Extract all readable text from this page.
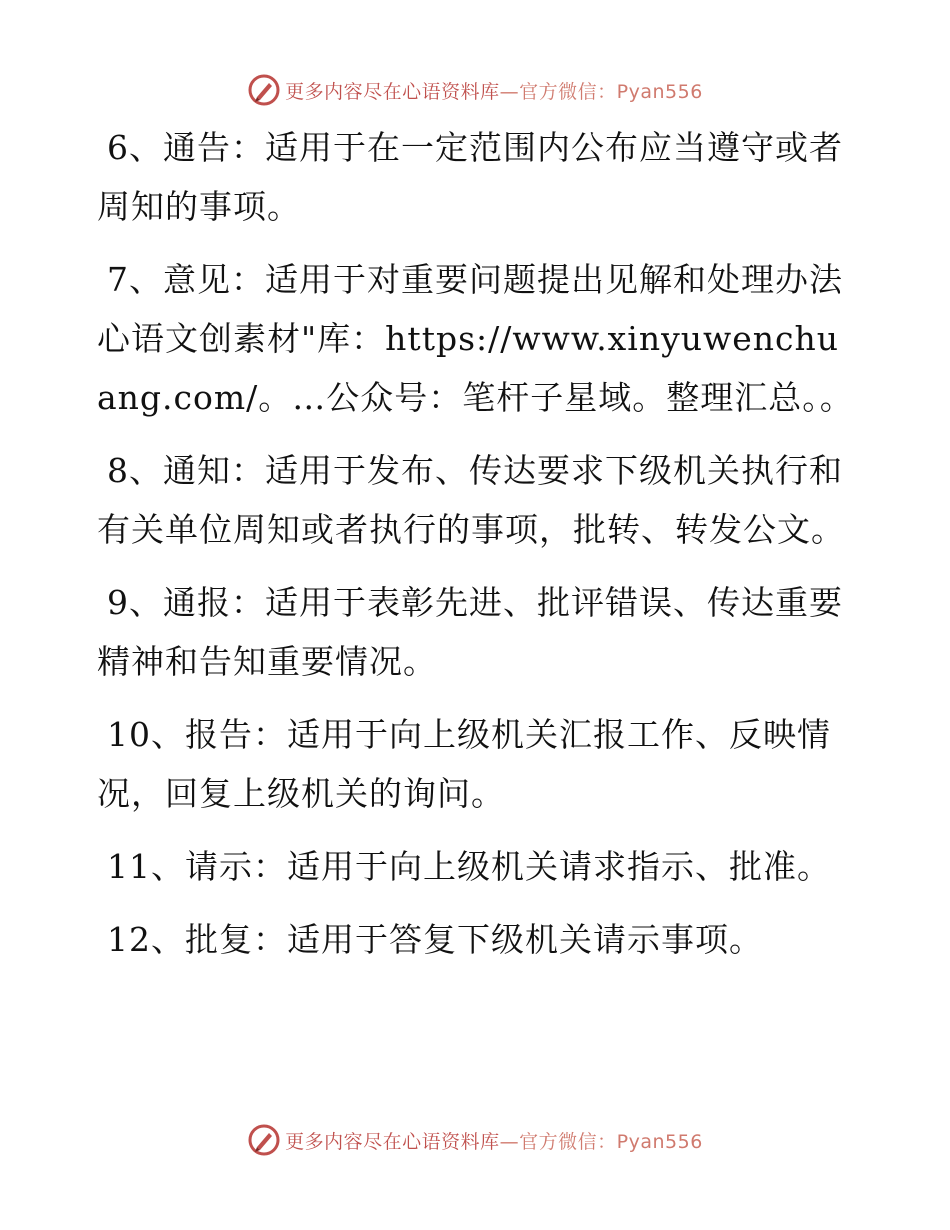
更多内容尽在心语资料库—官方微信：Pyan556

6、通告：适用于在一定范围内公布应当遵守或者周知的事项。

7、意见：适用于对重要问题提出见解和处理办法心语文创素材"库：https://www.xinyuwenchuang.com/。…公众号：笔杆子星域。整理汇总。。

8、通知：适用于发布、传达要求下级机关执行和有关单位周知或者执行的事项，批转、转发公文。

9、通报：适用于表彰先进、批评错误、传达重要精神和告知重要情况。

10、报告：适用于向上级机关汇报工作、反映情况，回复上级机关的询问。

11、请示：适用于向上级机关请求指示、批准。

12、批复：适用于答复下级机关请示事项。

更多内容尽在心语资料库—官方微信：Pyan556
